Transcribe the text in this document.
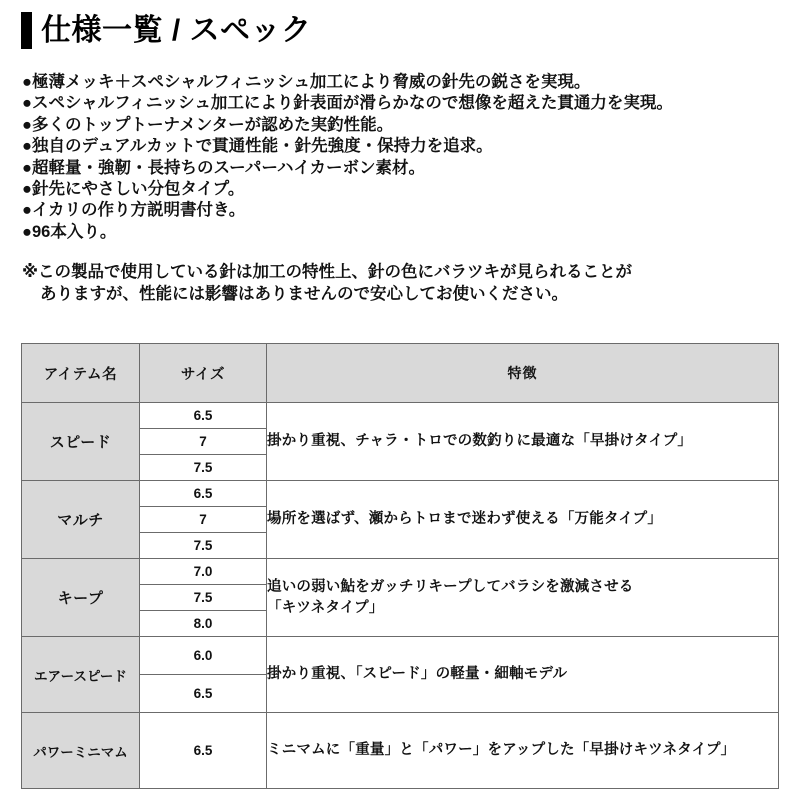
仕様一覧 / スペック
●極薄メッキ＋スペシャルフィニッシュ加工により脅威の針先の鋭さを実現。
●スペシャルフィニッシュ加工により針表面が滑らかなので想像を超えた貫通力を実現。
●多くのトップトーナメンターが認めた実釣性能。
●独自のデュアルカットで貫通性能・針先強度・保持力を追求。
●超軽量・強靭・長持ちのスーパーハイカーボン素材。
●針先にやさしい分包タイプ。
●イカリの作り方説明書付き。
●96本入り。
※この製品で使用している針は加工の特性上、針の色にバラツキが見られることが
ありますが、性能には影響はありませんので安心してお使いください。
アイテム名	サイズ	特徴
スピード	6.5	掛かり重視、チャラ・トロでの数釣りに最適な「早掛けタイプ」

	7	
	7.5	
マルチ	6.5	場所を選ばず、瀬からトロまで迷わず使える「万能タイプ」

	7	
	7.5	
キープ	7.0	追いの弱い鮎をガッチリキープしてバラシを激減させる
「キツネタイプ」

	7.5	
	8.0	
エアースピード	6.0	掛かり重視、「スピード」の軽量・細軸モデル

	6.5	
パワーミニマム	6.5	ミニマムに「重量」と「パワー」をアップした「早掛けキツネタイプ」
